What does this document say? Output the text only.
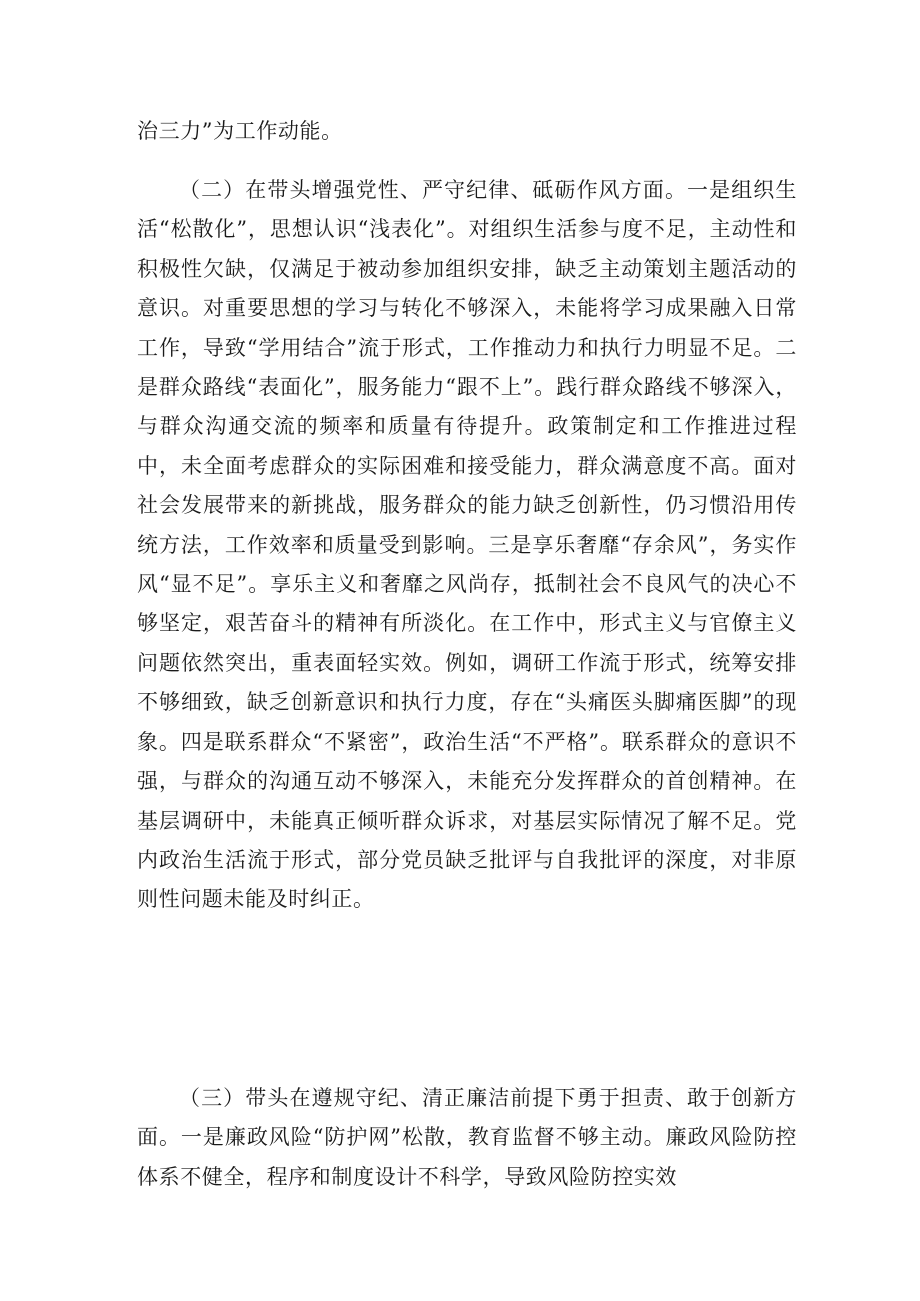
治三力”为工作动能。

（二）在带头增强党性、严守纪律、砥砺作风方面。一是组织生活“松散化”，思想认识“浅表化”。对组织生活参与度不足，主动性和积极性欠缺，仅满足于被动参加组织安排，缺乏主动策划主题活动的意识。对重要思想的学习与转化不够深入，未能将学习成果融入日常工作，导致“学用结合”流于形式，工作推动力和执行力明显不足。二是群众路线“表面化”，服务能力“跟不上”。践行群众路线不够深入，与群众沟通交流的频率和质量有待提升。政策制定和工作推进过程中，未全面考虑群众的实际困难和接受能力，群众满意度不高。面对社会发展带来的新挑战，服务群众的能力缺乏创新性，仍习惯沿用传统方法，工作效率和质量受到影响。三是享乐奢靡“存余风”，务实作风“显不足”。享乐主义和奢靡之风尚存，抵制社会不良风气的决心不够坚定，艰苦奋斗的精神有所淡化。在工作中，形式主义与官僚主义问题依然突出，重表面轻实效。例如，调研工作流于形式，统筹安排不够细致，缺乏创新意识和执行力度，存在“头痛医头脚痛医脚”的现象。四是联系群众“不紧密”，政治生活“不严格”。联系群众的意识不强，与群众的沟通互动不够深入，未能充分发挥群众的首创精神。在基层调研中，未能真正倾听群众诉求，对基层实际情况了解不足。党内政治生活流于形式，部分党员缺乏批评与自我批评的深度，对非原则性问题未能及时纠正。

（三）带头在遵规守纪、清正廉洁前提下勇于担责、敢于创新方面。一是廉政风险“防护网”松散，教育监督不够主动。廉政风险防控体系不健全，程序和制度设计不科学，导致风险防控实效
